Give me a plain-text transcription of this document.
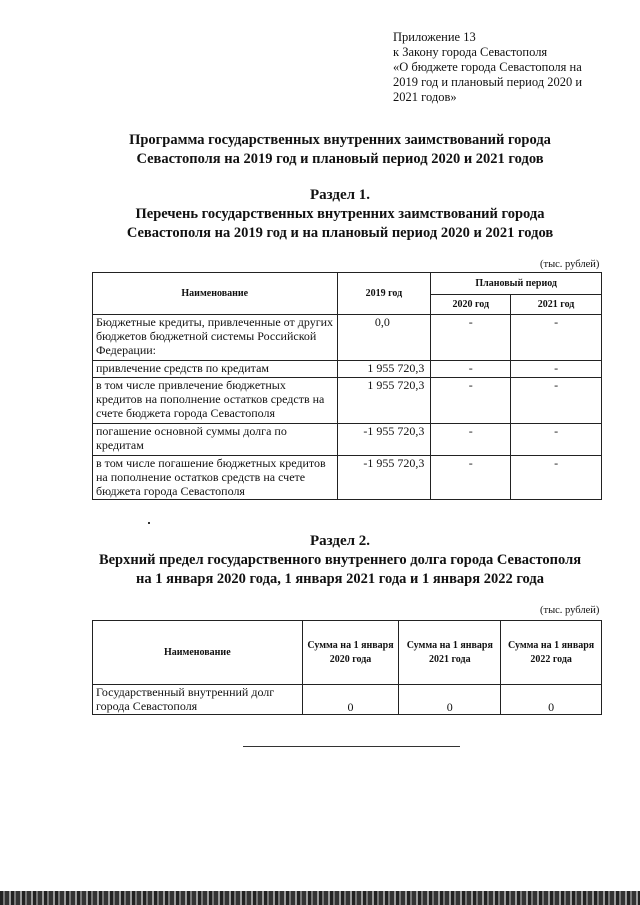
Приложение 13
к Закону города Севастополя
«О бюджете города Севастополя на
2019 год и плановый период 2020 и
2021 годов»
Программа государственных внутренних заимствований города
Севастополя на 2019 год и плановый период 2020 и 2021 годов
Раздел 1.
Перечень государственных внутренних заимствований города
Севастополя на 2019 год и на плановый период 2020 и 2021 годов
(тыс. рублей)
Наименование	2019 год	Плановый период	
		2020 год	2021 год
Бюджетные кредиты, привлеченные от других бюджетов бюджетной системы Российской Федерации:	0,0	-	-
привлечение средств по кредитам	1 955 720,3	-	-
в том числе привлечение бюджетных кредитов на пополнение остатков средств на счете бюджета города Севастополя	1 955 720,3	-	-
погашение основной суммы долга по кредитам	-1 955 720,3	-	-
в том числе погашение бюджетных кредитов на пополнение остатков средств на счете бюджета города Севастополя	-1 955 720,3	-	-
Раздел 2.
Верхний предел государственного внутреннего долга города Севастополя
на 1 января 2020 года, 1 января 2021 года и 1 января 2022 года
(тыс. рублей)
Наименование	Сумма на 1 января 2020 года	Сумма на 1 января 2021 года	Сумма на 1 января 2022 года
Государственный внутренний долг города Севастополя	0	0	0
